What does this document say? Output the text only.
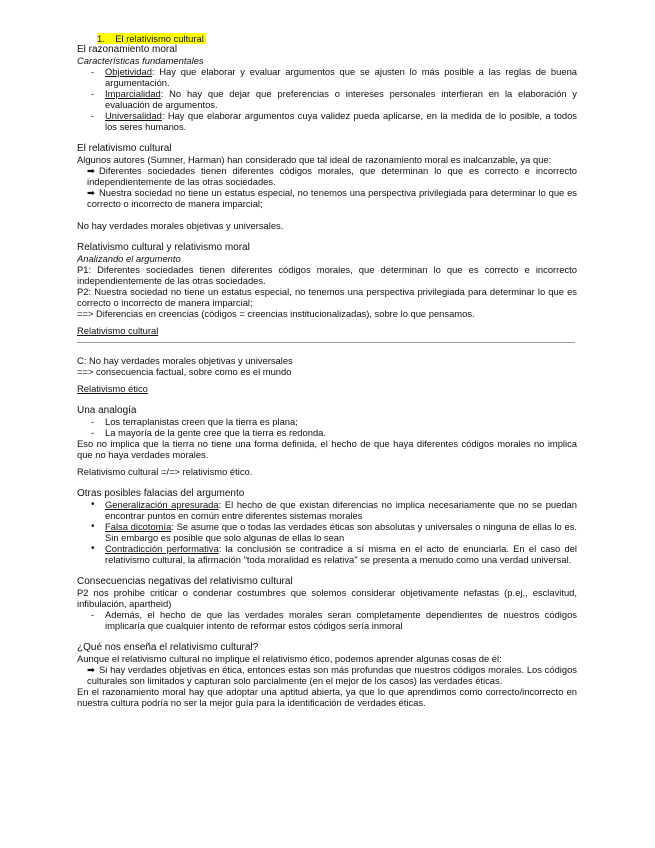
1. El relativismo cultural

El razonamiento moral

Características fundamentales

- Objetividad: Hay que elaborar y evaluar argumentos que se ajusten lo más posible a las reglas de buena argumentación.

- Imparcialidad: No hay que dejar que preferencias o intereses personales interfieran en la elaboración y evaluación de argumentos.

- Universalidad: Hay que elaborar argumentos cuya validez pueda aplicarse, en la medida de lo posible, a todos los seres humanos.

El relativismo cultural

Algunos autores (Sumner, Harman) han considerado que tal ideal de razonamiento moral es inalcanzable, ya que:

➡ Diferentes sociedades tienen diferentes códigos morales, que determinan lo que es correcto e incorrecto independientemente de las otras sociedades.

➡ Nuestra sociedad no tiene un estatus especial, no tenemos una perspectiva privilegiada para determinar lo que es correcto o incorrecto de manera imparcial;

No hay verdades morales objetivas y universales.

Relativismo cultural y relativismo moral

Analizando el argumento

P1: Diferentes sociedades tienen diferentes códigos morales, que determinan lo que es correcto e incorrecto independientemente de las otras sociedades.

P2: Nuestra sociedad no tiene un estatus especial, no tenemos una perspectiva privilegiada para determinar lo que es correcto o incorrecto de manera imparcial;

==> Diferencias en creencias (códigos = creencias institucionalizadas), sobre lo que pensamos.

Relativismo cultural

C: No hay verdades morales objetivas y universales

==> consecuencia factual, sobre como es el mundo

Relativismo ético

Una analogía

- Los terraplanistas creen que la tierra es plana;

- La mayoría de la gente cree que la tierra es redonda.

Eso no implica que la tierra no tiene una forma definida, el hecho de que haya diferentes códigos morales no implica que no haya verdades morales.

Relativismo cultural =/=> relativismo ético.

Otras posibles falacias del argumento

• Generalización apresurada: El hecho de que existan diferencias no implica necesariamente que no se puedan encontrar puntos en común entre diferentes sistemas morales

• Falsa dicotomía: Se asume que o todas las verdades éticas son absolutas y universales o ninguna de ellas lo es. Sin embargo es posible que solo algunas de ellas lo sean

• Contradicción performativa: la conclusión se contradice a sí misma en el acto de enunciarla. En el caso del relativismo cultural, la afirmación "toda moralidad es relativa" se presenta a menudo como una verdad universal.

Consecuencias negativas del relativismo cultural

P2 nos prohibe criticar o condenar costumbres que solemos considerar objetivamente nefastas (p.ej., esclavitud, infibulación, apartheid)

- Además, el hecho de que las verdades morales seran completamente dependientes de nuestros códigos implicaría que cualquier intento de reformar estos códigos sería inmoral

¿Qué nos enseña el relativismo cultural?

Aunque el relativismo cultural no implique el relativismo ético, podemos aprender algunas cosas de él:

➡ Si hay verdades objetivas en ética, entonces estas son más profundas que nuestros códigos morales. Los códigos culturales son limitados y capturan solo parcialmente (en el mejor de los casos) las verdades éticas.

En el razonamiento moral hay que adoptar una aptitud abierta, ya que lo que aprendimos como correcto/incorrecto en nuestra cultura podría no ser la mejor guía para la identificación de verdades éticas.
